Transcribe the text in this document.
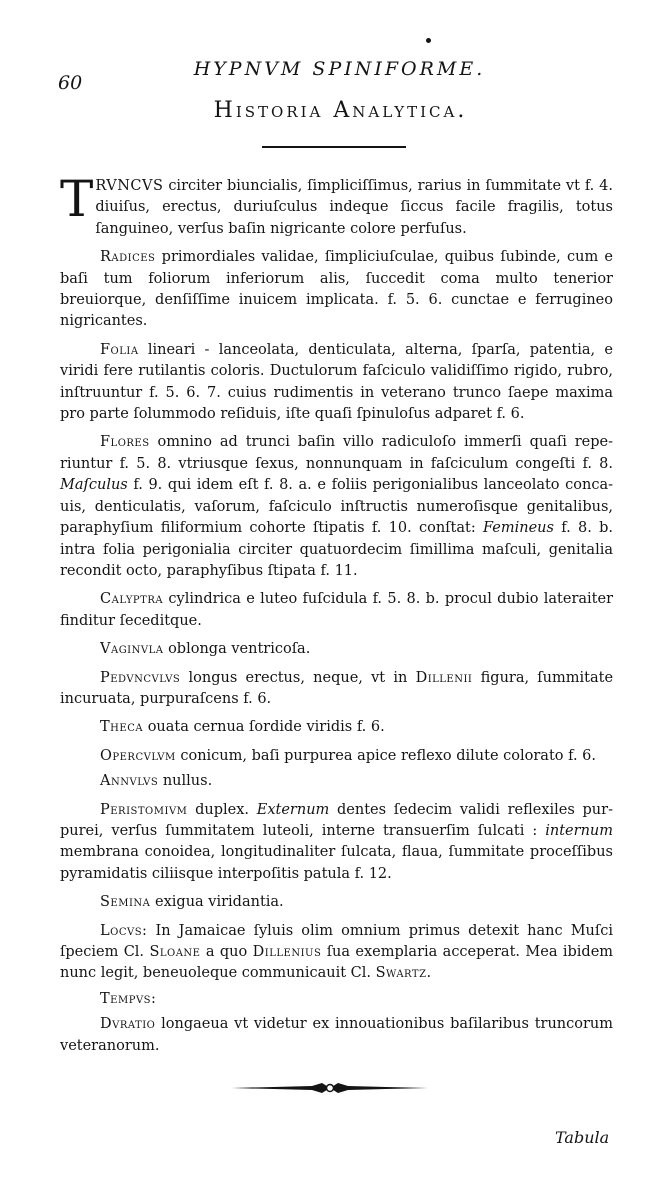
60
HYPNVM SPINIFORME.
Historia Analytica.

TRVNCVS circiter biuncialis, ſimpliciſſimus, rarius in ſummitate vt f. 4. diuiſus, erectus, duriuſculus indeque ſiccus facile fragilis, totus ſanguineo, verſus baſin nigricante colore perfuſus.

Radices primordiales validae, ſimpliciuſculae, quibus ſubinde, cum e baſi tum foliorum inferiorum alis, ſuccedit coma multo tenerior breuiorque, denſiſſime inuicem implicata. f. 5. 6. cunctae e ferrugineo nigricantes.

Folia lineari - lanceolata, denticulata, alterna, ſparſa, patentia, e viridi fere rutilantis coloris. Ductulorum faſciculo validiſſimo rigido, rubro, inſtruuntur f. 5. 6. 7. cuius rudimentis in veterano trunco ſaepe maxima pro parte ſolummodo reſiduis, iſte quaſi ſpinuloſus adparet f. 6.

Flores omnino ad trunci baſin villo radiculoſo immerſi quaſi reperiuntur f. 5. 8. vtriusque ſexus, nonnunquam in faſciculum congeſti f. 8. Maſculus f. 9. qui idem eſt f. 8. a. e foliis perigonialibus lanceolato concauis, denticulatis, vaſorum, faſciculo inſtructis numeroſisque genitalibus, paraphyſium filiformium cohorte ſtipatis f. 10. conſtat: Femineus f. 8. b. intra folia perigonialia circiter quatuordecim ſimillima maſculi, genitalia recondit octo, paraphyſibus ſtipata f. 11.

Calyptra cylindrica e luteo fuſcidula f. 5. 8. b. procul dubio lateraiter finditur ſeceditque.

Vaginvla oblonga ventricoſa.

Pedvncvlvs longus erectus, neque, vt in Dillenii figura, ſummitate incuruata, purpuraſcens f. 6.

Theca ouata cernua ſordide viridis f. 6.

Opercvlvm conicum, baſi purpurea apice reflexo dilute colorato f. 6.

Annvlvs nullus.

Peristomivm duplex. Externum dentes ſedecim validi reflexiles purpurei, verſus ſummitatem luteoli, interne transuerſim ſulcati : internum membrana conoidea, longitudinaliter ſulcata, flaua, ſummitate proceſſibus pyramidatis ciliisque interpoſitis patula f. 12.

Semina exigua viridantia.

Locvs: In Jamaicae ſyluis olim omnium primus detexit hanc Muſci ſpeciem Cl. Sloane a quo Dillenius ſua exemplaria acceperat. Mea ibidem nunc legit, beneuoleque communicauit Cl. Swartz.

Tempvs:

Dvratio longaeua vt videtur ex innouationibus baſilaribus truncorum veteranorum.

Tabula
